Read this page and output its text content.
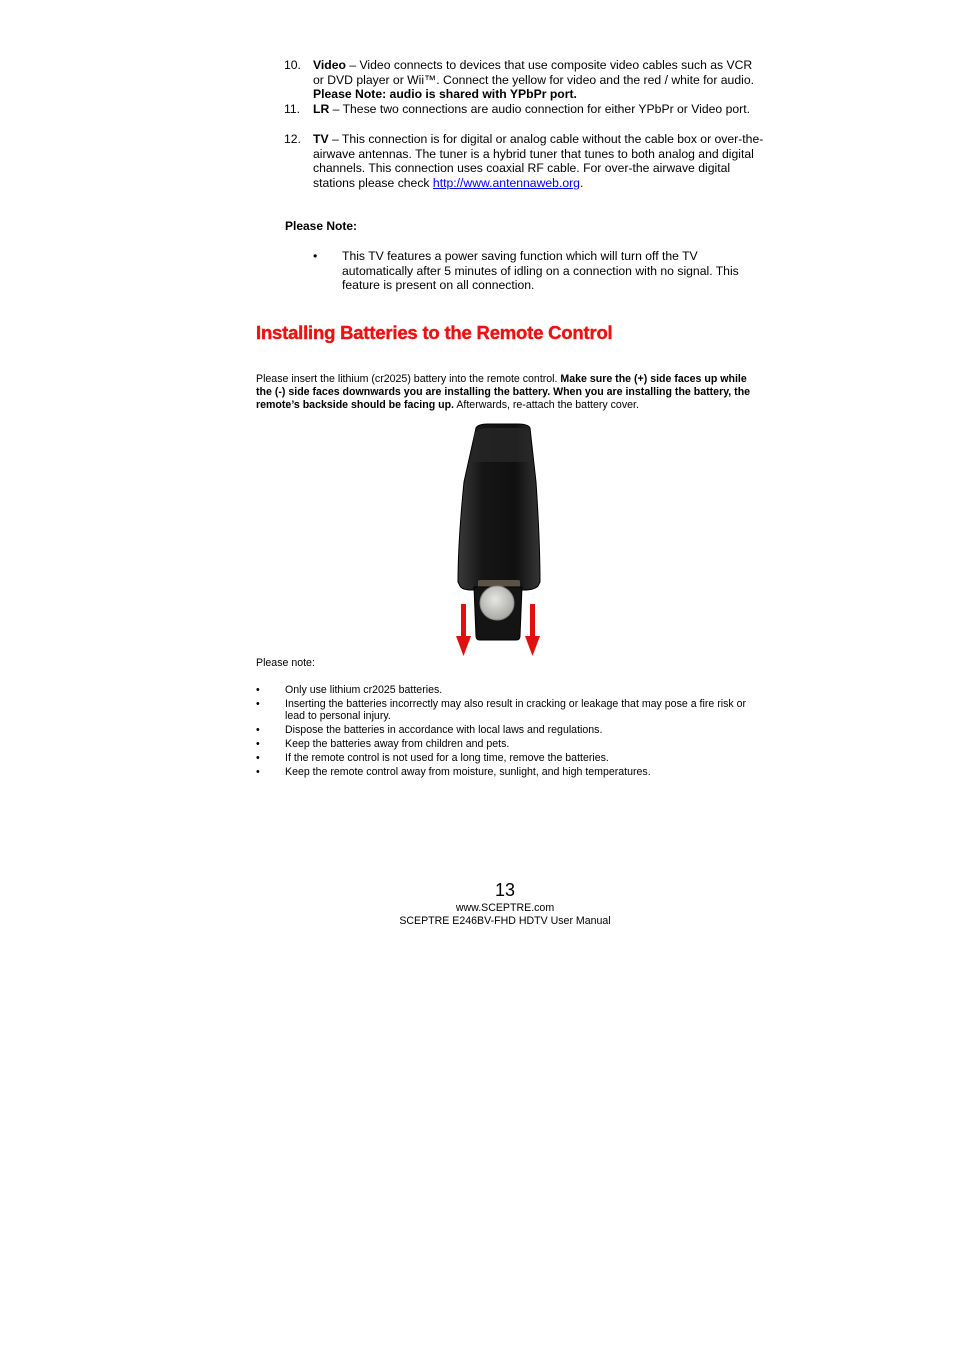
10. Video – Video connects to devices that use composite video cables such as VCR or DVD player or Wii™. Connect the yellow for video and the red / white for audio. Please Note: audio is shared with YPbPr port.
11. LR – These two connections are audio connection for either YPbPr or Video port.
12. TV – This connection is for digital or analog cable without the cable box or over-the-airwave antennas. The tuner is a hybrid tuner that tunes to both analog and digital channels. This connection uses coaxial RF cable. For over-the airwave digital stations please check http://www.antennaweb.org.
Please Note:
• This TV features a power saving function which will turn off the TV automatically after 5 minutes of idling on a connection with no signal. This feature is present on all connection.
Installing Batteries to the Remote Control
Please insert the lithium (cr2025) battery into the remote control. Make sure the (+) side faces up while the (-) side faces downwards you are installing the battery. When you are installing the battery, the remote’s backside should be facing up. Afterwards, re-attach the battery cover.
Please note:
• Only use lithium cr2025 batteries.
• Inserting the batteries incorrectly may also result in cracking or leakage that may pose a fire risk or lead to personal injury.
• Dispose the batteries in accordance with local laws and regulations.
• Keep the batteries away from children and pets.
• If the remote control is not used for a long time, remove the batteries.
• Keep the remote control away from moisture, sunlight, and high temperatures.
13
www.SCEPTRE.com
SCEPTRE E246BV-FHD HDTV User Manual
